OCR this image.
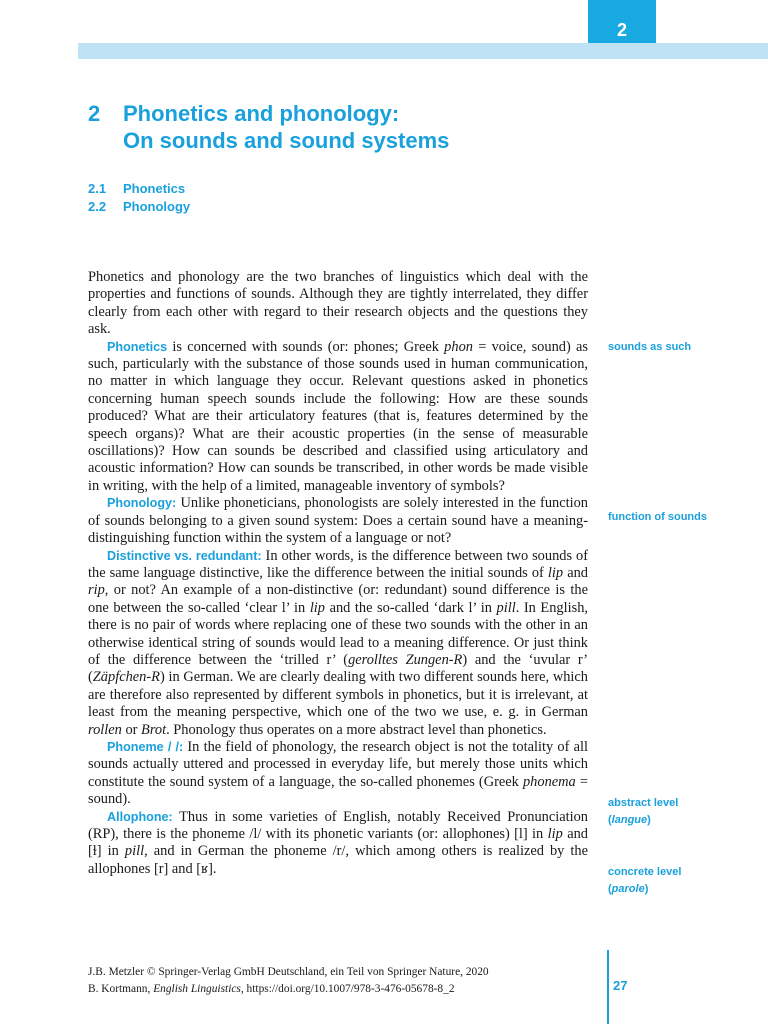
2
2 Phonetics and phonology:
On sounds and sound systems
2.1	Phonetics
2.2	Phonology

Phonetics and phonology are the two branches of linguistics which deal with the properties and functions of sounds. Although they are tightly interrelated, they differ clearly from each other with regard to their research objects and the questions they ask.

Phonetics is concerned with sounds (or: phones; Greek phon = voice, sound) as such, particularly with the substance of those sounds used in human communication, no matter in which language they occur. Relevant questions asked in phonetics concerning human speech sounds include the following: How are these sounds produced? What are their articulatory features (that is, features determined by the speech organs)? What are their acoustic properties (in the sense of measurable oscillations)? How can sounds be described and classified using articulatory and acoustic information? How can sounds be transcribed, in other words be made visible in writing, with the help of a limited, manageable inventory of symbols?

Phonology: Unlike phoneticians, phonologists are solely interested in the function of sounds belonging to a given sound system: Does a certain sound have a meaning-distinguishing function within the system of a language or not?

Distinctive vs. redundant: In other words, is the difference between two sounds of the same language distinctive, like the difference between the initial sounds of lip and rip, or not? An example of a non-distinctive (or: redundant) sound difference is the one between the so-called ‘clear l’ in lip and the so-called ‘dark l’ in pill. In English, there is no pair of words where replacing one of these two sounds with the other in an otherwise identical string of sounds would lead to a meaning difference. Or just think of the difference between the ‘trilled r’ (gerolltes Zungen-R) and the ‘uvular r’ (Zäpfchen-R) in German. We are clearly dealing with two different sounds here, which are therefore also represented by different symbols in phonetics, but it is irrelevant, at least from the meaning perspective, which one of the two we use, e. g. in German rollen or Brot. Phonology thus operates on a more abstract level than phonetics.

Phoneme / /: In the field of phonology, the research object is not the totality of all sounds actually uttered and processed in everyday life, but merely those units which constitute the sound system of a language, the so-called phonemes (Greek phonema = sound).

Allophone: Thus in some varieties of English, notably Received Pronunciation (RP), there is the phoneme /l/ with its phonetic variants (or: allophones) [l] in lip and [ɫ] in pill, and in German the phoneme /r/, which among others is realized by the allophones [r] and [ʁ].

sounds as such
function of sounds
abstract level
(langue)
concrete level
(parole)
J.B. Metzler © Springer-Verlag GmbH Deutschland, ein Teil von Springer Nature, 2020
B. Kortmann, English Linguistics, https://doi.org/10.1007/978-3-476-05678-8_2	27
